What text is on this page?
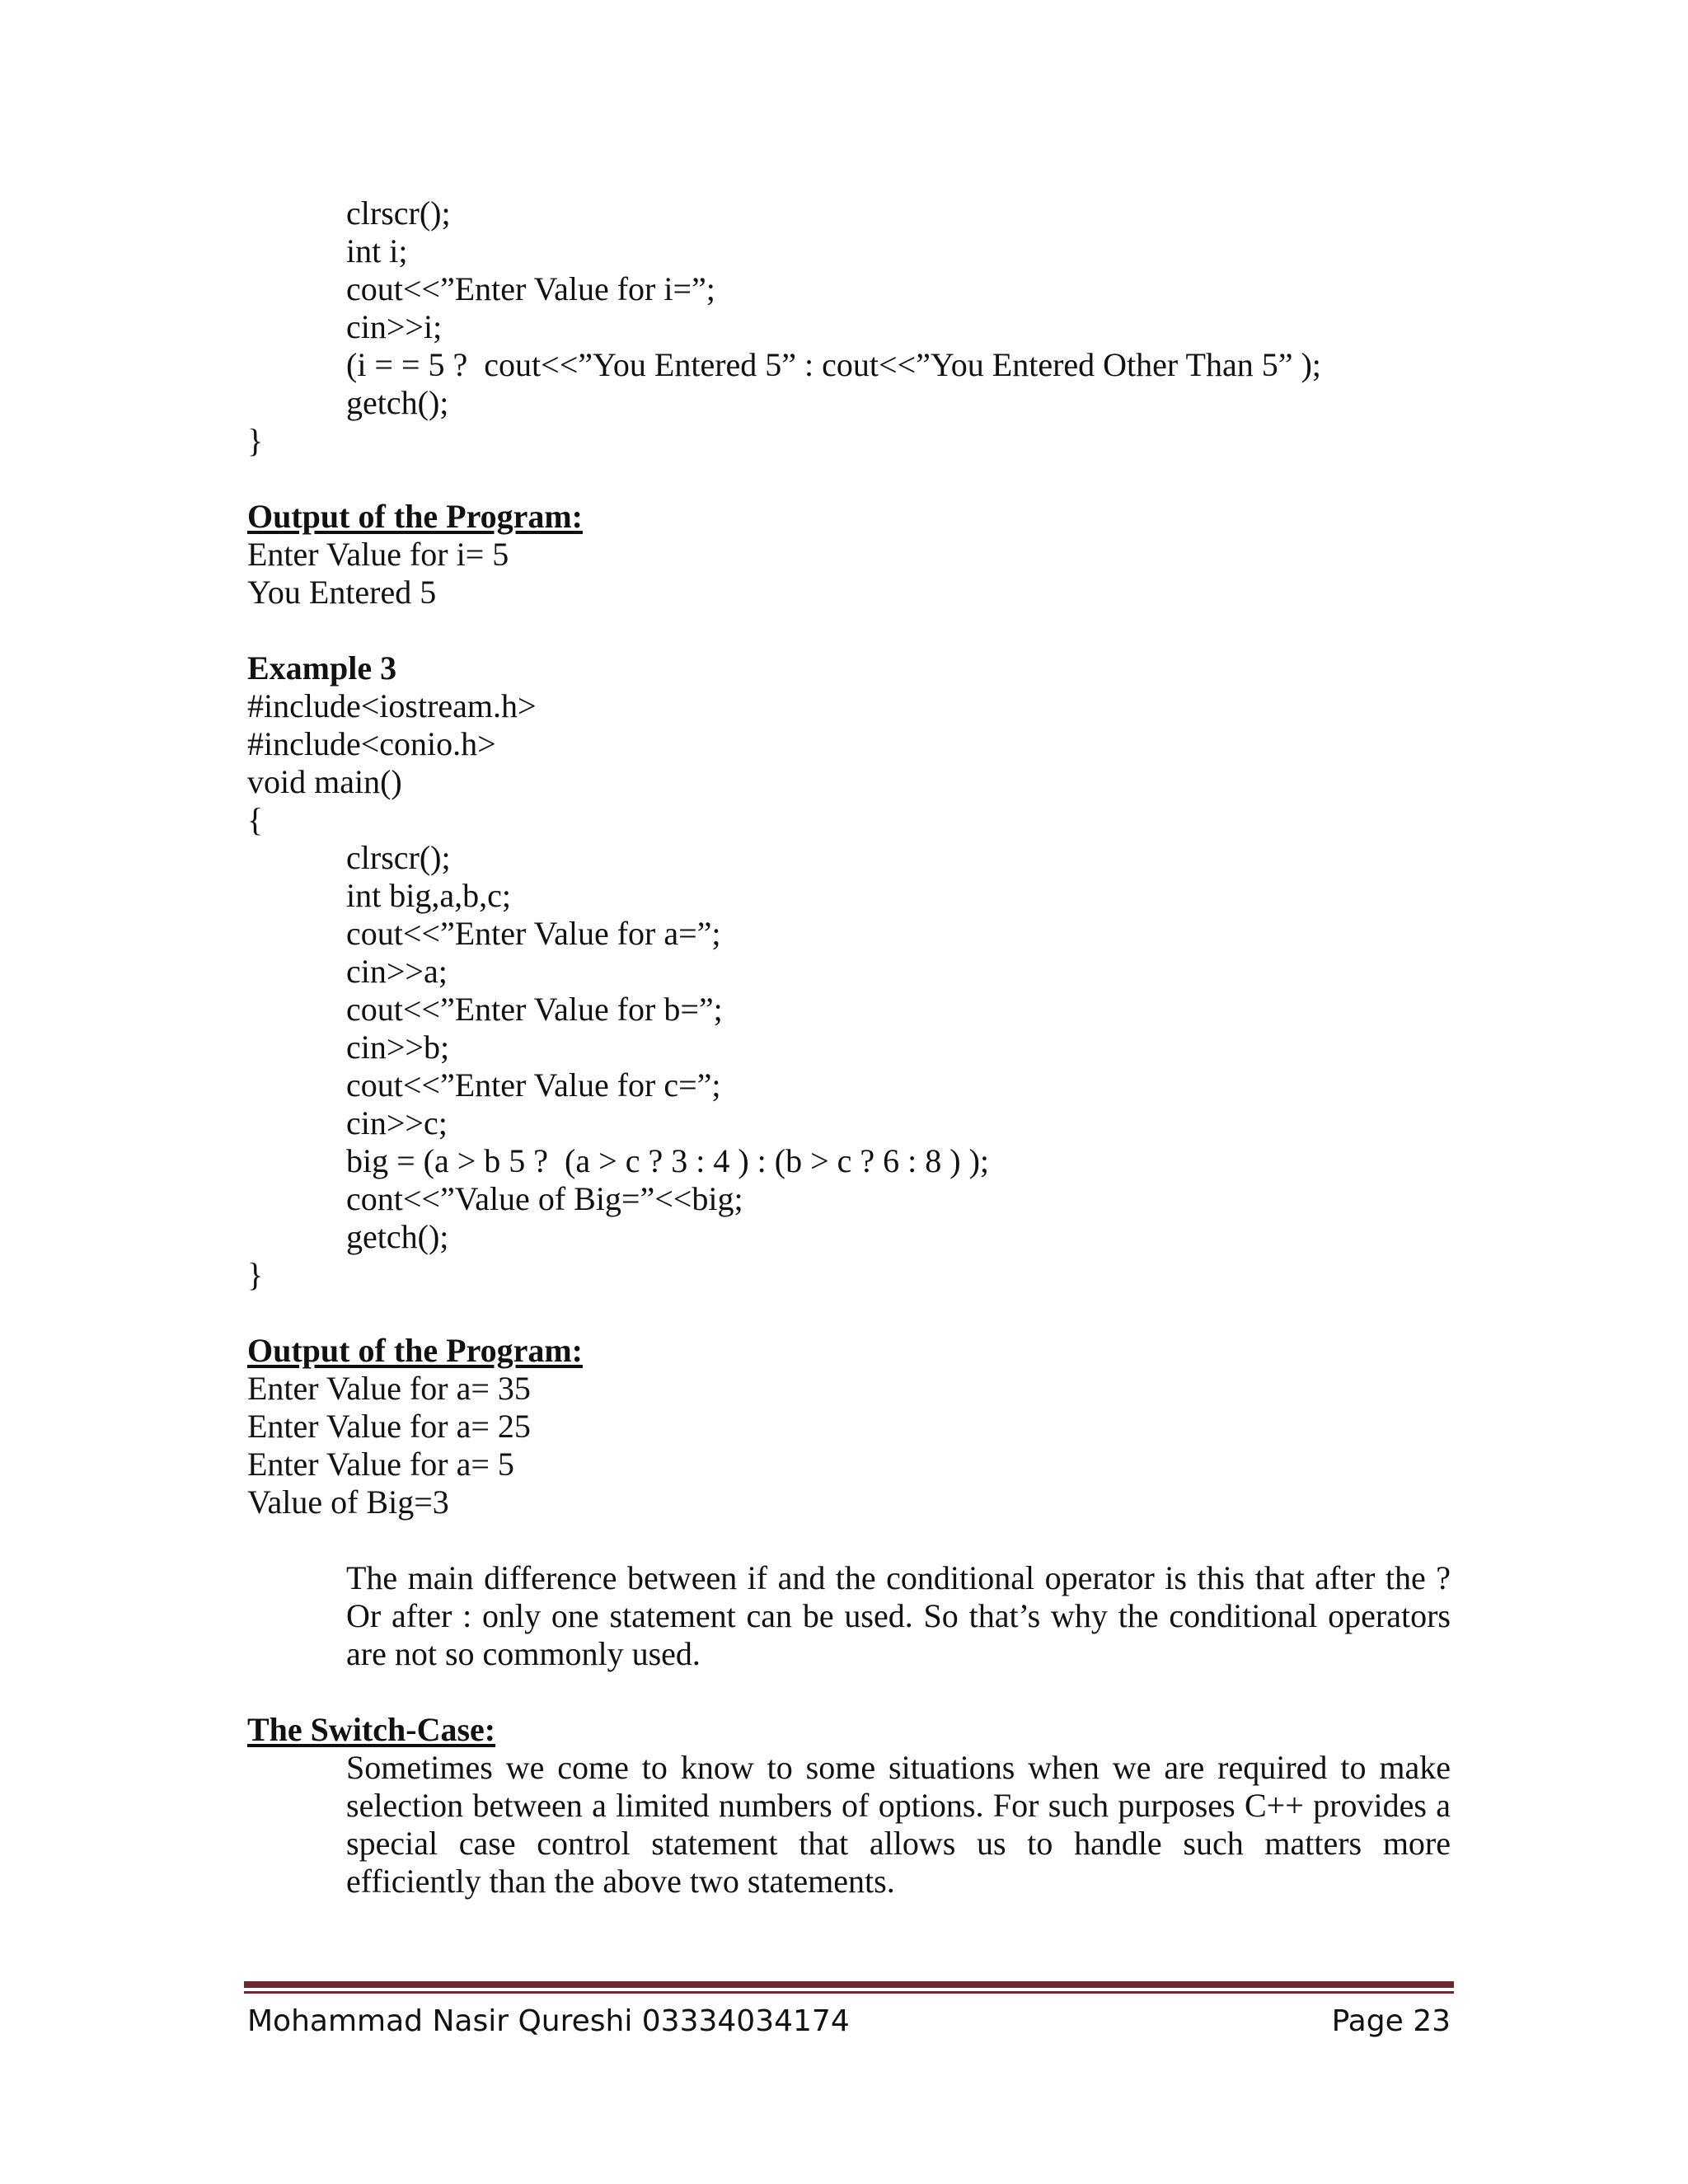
clrscr();
int i;
cout<<”Enter Value for i=”;
cin>>i;
(i = = 5 ?  cout<<”You Entered 5” : cout<<”You Entered Other Than 5” );
getch();
}
Output of the Program:
Enter Value for i= 5
You Entered 5
Example 3
#include<iostream.h>
#include<conio.h>
void main()
{
clrscr();
int big,a,b,c;
cout<<”Enter Value for a=”;
cin>>a;
cout<<”Enter Value for b=”;
cin>>b;
cout<<”Enter Value for c=”;
cin>>c;
big = (a > b 5 ?  (a > c ? 3 : 4 ) : (b > c ? 6 : 8 ) );
cont<<”Value of Big=”<<big;
getch();
}
Output of the Program:
Enter Value for a= 35
Enter Value for a= 25
Enter Value for a= 5
Value of Big=3
The main difference between if and the conditional operator is this that after the ? Or after : only one statement can be used. So that’s why the conditional operators are not so commonly used.
The Switch-Case:
Sometimes we come to know to some situations when we are required to make selection between a limited numbers of options. For such purposes C++ provides a special case control statement that allows us to handle such matters more efficiently than the above two statements.
Mohammad Nasir Qureshi 03334034174	Page 23
